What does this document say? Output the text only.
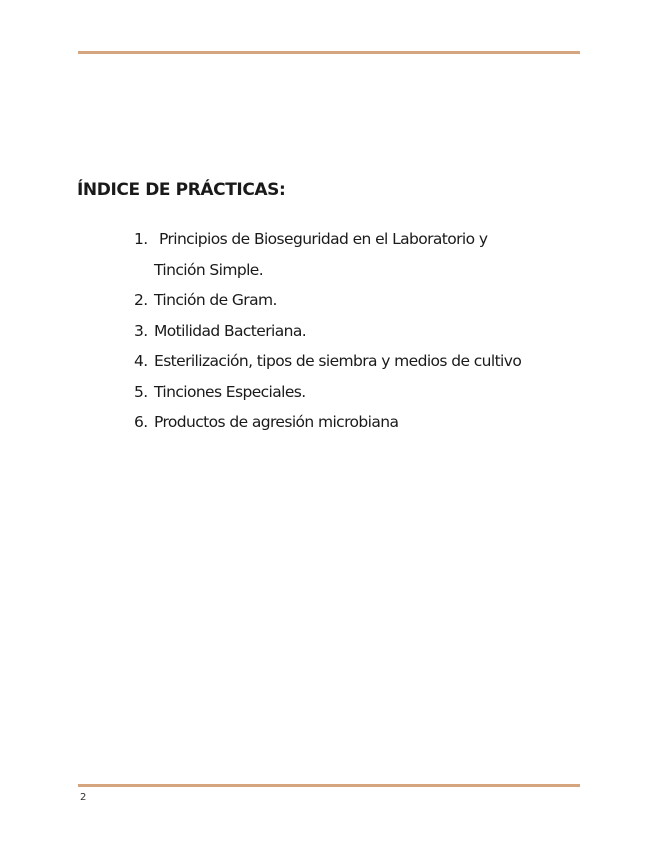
ÍNDICE DE PRÁCTICAS:
1. Principios de Bioseguridad en el Laboratorio y
Tinción Simple.
2. Tinción de Gram.
3. Motilidad Bacteriana.
4. Esterilización, tipos de siembra y medios de cultivo
5. Tinciones Especiales.
6. Productos de agresión microbiana
2
